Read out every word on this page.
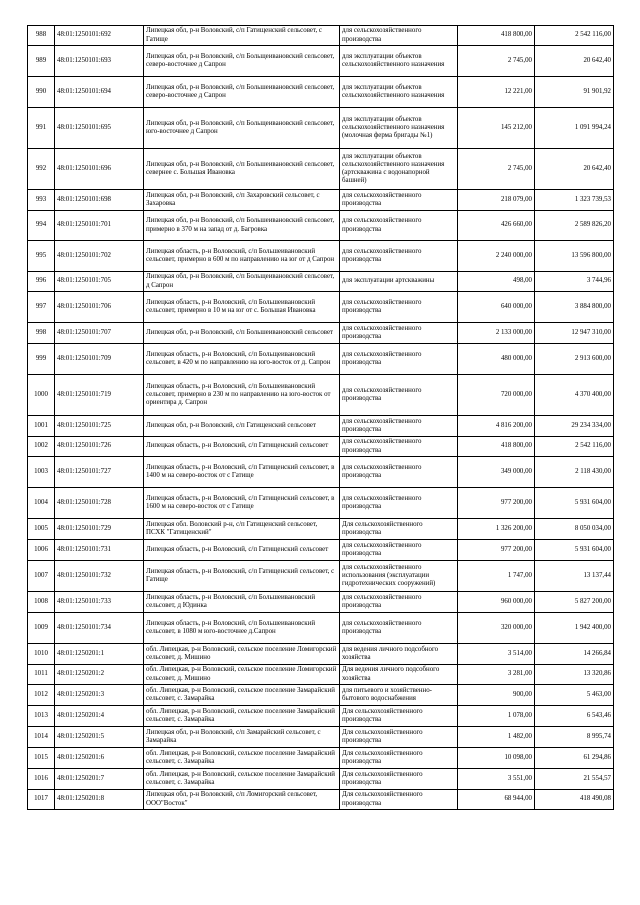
988	48:01:1250101:692	Липецкая обл, р-н Воловский, с/п Гатищенский сельсовет, с Гатище	для сельскохозяйственного производства	418 800,00	2 542 116,00
989	48:01:1250101:693	Липецкая обл, р-н Воловский, с/п Больщеивановский сельсовет, северо-восточнее д Сапрон	для эксплуатации объектов сельскохозяйственного назначения	2 745,00	20 642,40
990	48:01:1250101:694	Липецкая обл, р-н Воловский, с/п Большеивановский сельсовет, северо-восточнее д Сапрон	для эксплуатации объектов сельскохозяйственного назначения	12 221,00	91 901,92
991	48:01:1250101:695	Липецкая обл, р-н Воловский, с/п Больщеивановский сельсовет, юго-восточнее д Сапрон	для эксплуатации объектов сельскохозяйственного назначения (молочная ферма бригады №1)	145 212,00	1 091 994,24
992	48:01:1250101:696	Липецкая обл, р-н Воловский, с/п Большеивановский сельсовет, севернее с. Большая Ивановка	для эксплуатации объектов сельскохозяйственного назначения (артскважина с водонапорной башней)	2 745,00	20 642,40
993	48:01:1250101:698	Липецкая обл, р-н Воловский, с/п Захаровский сельсовет, с Захаровка	для сельскохозяйственного производства	218 079,00	1 323 739,53
994	48:01:1250101:701	Липецкая обл, р-н Воловский, с/п Большеивановский сельсовет, примерно в 370 м на запад от д. Багровка	для сельскохозяйственного производства	426 660,00	2 589 826,20
995	48:01:1250101:702	Липецкая область, р-н Воловский, с/п Большеивановский сельсовет, примерно в 600 м по направлению на юг от д Сапрон	для сельскохозяйственного производства	2 240 000,00	13 596 800,00
996	48:01:1250101:705	Липецкая обл, р-н Воловский, с/п Больщеивановский сельсовет, д Сапрон	для эксплуатации артскважины	498,00	3 744,96
997	48:01:1250101:706	Липецкая область, р-н Воловский, с/п Большеивановский сельсовет, примерно в 10 м на юг от с. Большая Ивановка	для сельскохозяйственного производства	640 000,00	3 884 800,00
998	48:01:1250101:707	Липецкая обл, р-н Воловский, с/п Большеивановский сельсовет	для сельскохозяйственного производства	2 133 000,00	12 947 310,00
999	48:01:1250101:709	Липецкая область, р-н Воловский, с/п Больщеивановский сельсовет, в 420 м по направлению на юго-восток от д. Сапрон	для сельскохозяйственного производства	480 000,00	2 913 600,00
1000	48:01:1250101:719	Липецкая область, р-н Воловский, с/п Большеивановский сельсовет, примерно в 230 м по направлению на юго-восток от ориентира д. Сапрон	для сельскохозяйственного производства	720 000,00	4 370 400,00
1001	48:01:1250101:725	Липецкая обл, р-н Воловский, с/п Гатищенский сельсовет	для сельскохозяйственного производства	4 816 200,00	29 234 334,00
1002	48:01:1250101:726	Липецкая область, р-н Воловский, с/п Гатищенский сельсовет	для сельскохозяйственного производства	418 800,00	2 542 116,00
1003	48:01:1250101:727	Липецкая область, р-н Воловский, с/п Гатищенский сельсовет, в 1400 м на северо-восток от с Гатище	для сельскохозяйственного производства	349 000,00	2 118 430,00
1004	48:01:1250101:728	Липецкая область, р-н Воловский, с/п Гатищенский сельсовет, в 1600 м на северо-восток от с Гатище	для сельскохозяйственного производства	977 200,00	5 931 604,00
1005	48:01:1250101:729	Липецкая обл. Воловский р-н, с/п Гатищенский сельсовет, ПСХК "Гатищенский"	Для сельскохозяйственного производства	1 326 200,00	8 050 034,00
1006	48:01:1250101:731	Липецкая область, р-н Воловский, с/п Гатищенский сельсовет	для сельскохозяйственного производства	977 200,00	5 931 604,00
1007	48:01:1250101:732	Липецкая область, р-н Воловский, с/п Гатищенский сельсовет, с Гатище	для сельскохозяйственного использования (эксплуатации гидротехнических сооружений)	1 747,00	13 137,44
1008	48:01:1250101:733	Липецкая область, р-н Воловский, с/п Большеивановский сельсовет, д Юдинка	для сельскохозяйственного производства	960 000,00	5 827 200,00
1009	48:01:1250101:734	Липецкая область, р-н Воловский, с/п Большеивановский сельсовет, в 1080 м юго-восточнее д.Сапрон	для сельскохозяйственного производства	320 000,00	1 942 400,00
1010	48:01:1250201:1	обл. Липецкая, р-н Воловский, сельское поселение Ломигорский сельсовет, д. Мишино	для ведения личного подсобного хозяйства	3 514,00	14 266,84
1011	48:01:1250201:2	обл. Липецкая, р-н Воловский, сельское поселение Ломигорский сельсовет, д. Мишино	Для ведения личного подсобного хозяйства	3 281,00	13 320,86
1012	48:01:1250201:3	обл. Липецкая, р-н Воловский, сельское поселение Замарайский сельсовет, с. Замарайка	для питьевого и хозяйственно-бытового водоснабжения	900,00	5 463,00
1013	48:01:1250201:4	обл. Липецкая, р-н Воловский, сельское поселение Замарайский сельсовет, с. Замарайка	Для сельскохозяйственного производства	1 078,00	6 543,46
1014	48:01:1250201:5	Липецкая обл, р-н Воловский, с/п Замарайский сельсовет, с Замарайка	Для сельскохозяйственного производства	1 482,00	8 995,74
1015	48:01:1250201:6	обл. Липецкая, р-н Воловский, сельское поселение Замарайский сельсовет, с. Замарайка	Для сельскохозяйственного производства	10 098,00	61 294,86
1016	48:01:1250201:7	обл. Липецкая, р-н Воловский, сельское поселение Замарайский сельсовет, с. Замарайка	Для сельскохозяйственного производства	3 551,00	21 554,57
1017	48:01:1250201:8	Липецкая обл, р-н Воловский, с/п Ломигорский сельсовет, ООО"Восток"	Для сельскохозяйственного производства	68 944,00	418 490,08
